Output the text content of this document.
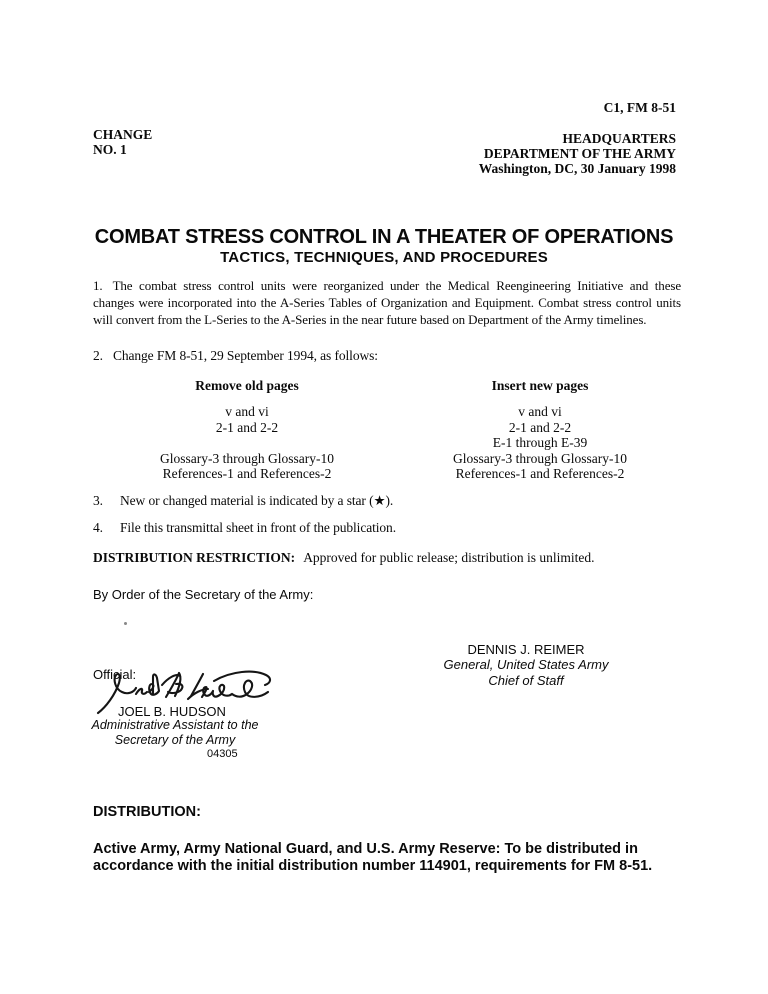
C1, FM 8-51
CHANGE
NO. 1
HEADQUARTERS
DEPARTMENT OF THE ARMY
Washington, DC, 30 January 1998
COMBAT STRESS CONTROL IN A THEATER OF OPERATIONS
TACTICS, TECHNIQUES, AND PROCEDURES
1. The combat stress control units were reorganized under the Medical Reengineering Initiative and these changes were incorporated into the A-Series Tables of Organization and Equipment. Combat stress control units will convert from the L-Series to the A-Series in the near future based on Department of the Army timelines.
2. Change FM 8-51, 29 September 1994, as follows:
Remove old pages	Insert new pages
v and vi
2-1 and 2-2
Glossary-3 through Glossary-10
References-1 and References-2
v and vi
2-1 and 2-2
E-1 through E-39
Glossary-3 through Glossary-10
References-1 and References-2
3. New or changed material is indicated by a star (★).
4. File this transmittal sheet in front of the publication.
DISTRIBUTION RESTRICTION: Approved for public release; distribution is unlimited.
By Order of the Secretary of the Army:
DENNIS J. REIMER
General, United States Army
Chief of Staff
Official:
JOEL B. HUDSON
Administrative Assistant to the
Secretary of the Army
04305
DISTRIBUTION:
Active Army, Army National Guard, and U.S. Army Reserve: To be distributed in
accordance with the initial distribution number 114901, requirements for FM 8-51.
